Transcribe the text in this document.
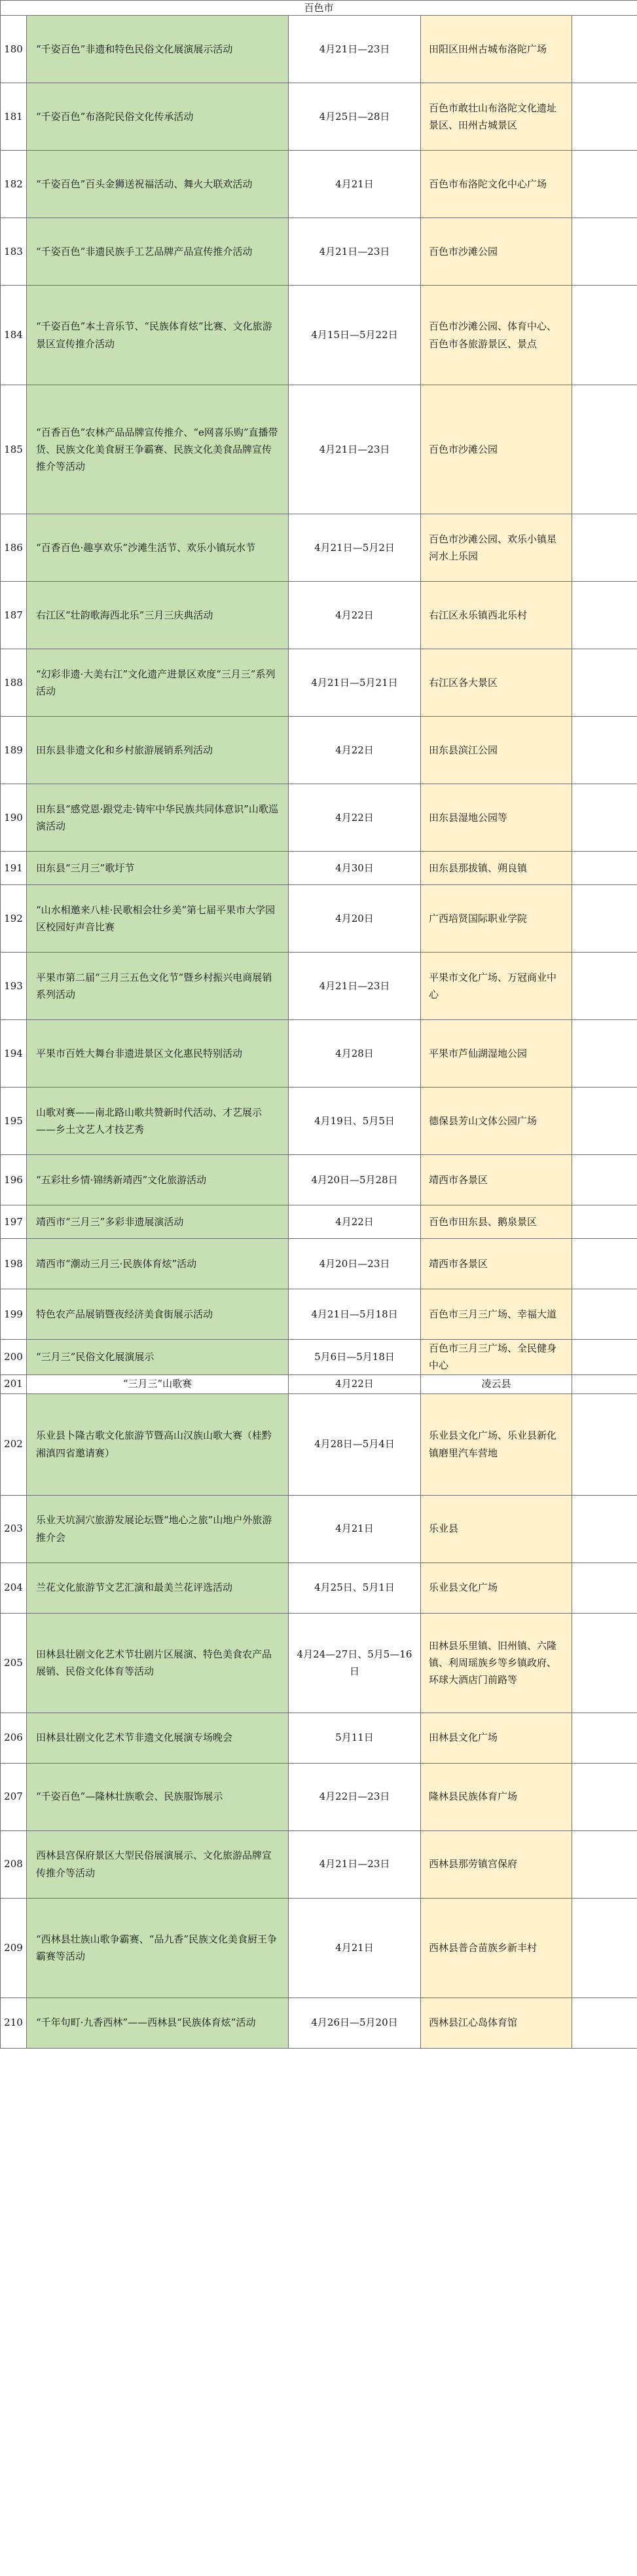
百色市				
180	“千姿百色”非遗和特色民俗文化展演展示活动	4月21日—23日	田阳区田州古城布洛陀广场	
181	“千姿百色”布洛陀民俗文化传承活动	4月25日—28日	百色市敢壮山布洛陀文化遗址景区、田州古城景区	
182	“千姿百色”百头金狮送祝福活动、舞火大联欢活动	4月21日	百色市布洛陀文化中心广场	
183	“千姿百色”非遗民族手工艺品牌产品宣传推介活动	4月21日—23日	百色市沙滩公园	
184	“千姿百色”本土音乐节、“民族体育炫”比赛、文化旅游景区宣传推介活动	4月15日—5月22日	百色市沙滩公园、体育中心、百色市各旅游景区、景点	
185	“百香百色”农林产品品牌宣传推介、“e网喜乐购”直播带货、民族文化美食厨王争霸赛、民族文化美食品牌宣传推介等活动	4月21日—23日	百色市沙滩公园	
186	“百香百色·趣享欢乐”沙滩生活节、欢乐小镇玩水节	4月21日—5月2日	百色市沙滩公园、欢乐小镇星河水上乐园	
187	右江区“壮韵歌海西北乐”三月三庆典活动	4月22日	右江区永乐镇西北乐村	
188	“幻彩非遗·大美右江”文化遗产进景区欢度“三月三”系列活动	4月21日—5月21日	右江区各大景区	
189	田东县非遗文化和乡村旅游展销系列活动	4月22日	田东县滨江公园	
190	田东县“感党恩·跟党走·铸牢中华民族共同体意识”山歌巡演活动	4月22日	田东县湿地公园等	
191	田东县“三月三”歌圩节	4月30日	田东县那拔镇、朔良镇	
192	“山水相邀来八桂·民歌相会壮乡美”第七届平果市大学园区校园好声音比赛	4月20日	广西培贤国际职业学院	
193	平果市第二届“三月三五色文化节”暨乡村振兴电商展销系列活动	4月21日—23日	平果市文化广场、万冠商业中心	
194	平果市百姓大舞台非遗进景区文化惠民特别活动	4月28日	平果市芦仙湖湿地公园	
195	山歌对赛——南北路山歌共赞新时代活动、才艺展示——乡土文艺人才技艺秀	4月19日、5月5日	德保县芳山文体公园广场	
196	“五彩壮乡情·锦绣新靖西”文化旅游活动	4月20日—5月28日	靖西市各景区	
197	靖西市“三月三”多彩非遗展演活动	4月22日	百色市田东县、鹅泉景区	
198	靖西市“潮动三月三·民族体育炫”活动	4月20日—23日	靖西市各景区	
199	特色农产品展销暨夜经济美食街展示活动	4月21日—5月18日	百色市三月三广场、幸福大道	
200	“三月三”民俗文化展演展示	5月6日—5月18日	百色市三月三广场、全民健身中心	
201	“三月三”山歌赛	4月22日	凌云县	
202	乐业县卜隆古歌文化旅游节暨高山汉族山歌大赛（桂黔湘滇四省邀请赛）	4月28日—5月4日	乐业县文化广场、乐业县新化镇磨里汽车营地	
203	乐业天坑洞穴旅游发展论坛暨“地心之旅”山地户外旅游推介会	4月21日	乐业县	
204	兰花文化旅游节文艺汇演和最美兰花评选活动	4月25日、5月1日	乐业县文化广场	
205	田林县壮剧文化艺术节壮剧片区展演、特色美食农产品展销、民俗文化体育等活动	4月24—27日、5月5—16日	田林县乐里镇、旧州镇、六隆镇、利周瑶族乡等乡镇政府、环球大酒店门前路等	
206	田林县壮剧文化艺术节非遗文化展演专场晚会	5月11日	田林县文化广场	
207	“千姿百色”—隆林壮族歌会、民族服饰展示	4月22日—23日	隆林县民族体育广场	
208	西林县宫保府景区大型民俗展演展示、文化旅游品牌宣传推介等活动	4月21日—23日	西林县那劳镇宫保府	
209	“西林县壮族山歌争霸赛、“品九香”民族文化美食厨王争霸赛等活动	4月21日	西林县普合苗族乡新丰村	
210	“千年句町·九香西林”——西林县“民族体育炫”活动	4月26日—5月20日	西林县江心岛体育馆	
